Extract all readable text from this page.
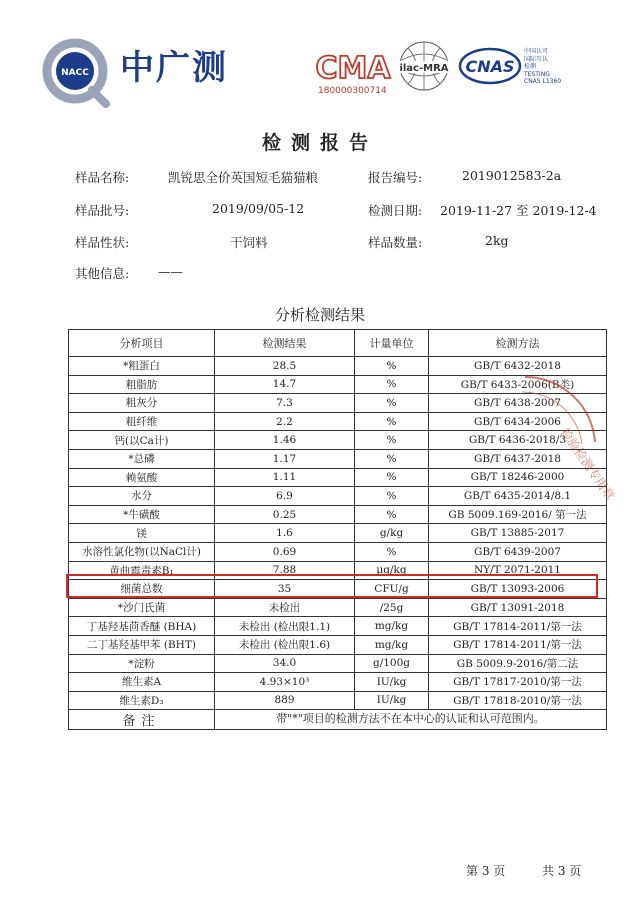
NACC 中广测	CMA
180000300714
ilac-MRA CNAS
中国认可
国际互认
检测
TESTING
CNAS L1360
检测报告
样品名称:	凯锐思全价英国短毛猫猫粮	报告编号:	2019012583-2a
样品批号:	2019/09/05-12	检测日期: 2019-11-27 至 2019-12-4
样品性状:	干饲料	样品数量:	2kg
其他信息: ——
分析检测结果
分析项目	检测结果	计量单位	检测方法
*粗蛋白	28.5	%	GB/T 6432-2018
粗脂肪	14.7	%	GB/T 6433-2006(B类)
粗灰分	7.3	%	GB/T 6438-2007
粗纤维	2.2	%	GB/T 6434-2006
钙(以Ca计)	1.46	%	GB/T 6436-2018/3
*总磷	1.17	%	GB/T 6437-2018
赖氨酸	1.11	%	GB/T 18246-2000
水分	6.9	%	GB/T 6435-2014/8.1
*牛磺酸	0.25	%	GB 5009.169-2016/ 第一法
镁	1.6	g/kg	GB/T 13885-2017
水溶性氯化物(以NaCl计)	0.69	%	GB/T 6439-2007
黄曲霉毒素B₁	7.88	μg/kg	NY/T 2071-2011
细菌总数	35	CFU/g	GB/T 13093-2006
*沙门氏菌	未检出	/25g	GB/T 13091-2018
丁基羟基茴香醚 (BHA)	未检出 (检出限1.1)	mg/kg	GB/T 17814-2011/第一法
二丁基羟基甲苯 (BHT)	未检出 (检出限1.6)	mg/kg	GB/T 17814-2011/第一法
*淀粉	34.0	g/100g	GB 5009.9-2016/第二法
维生素A	4.93×10³	IU/kg	GB/T 17817-2010/第一法
维生素D₃	889	IU/kg	GB/T 17818-2010/第一法
备注	带"*"项目的检测方法不在本中心的认证和认可范围内。		
检验检测专用章
第 3 页	共 3 页
